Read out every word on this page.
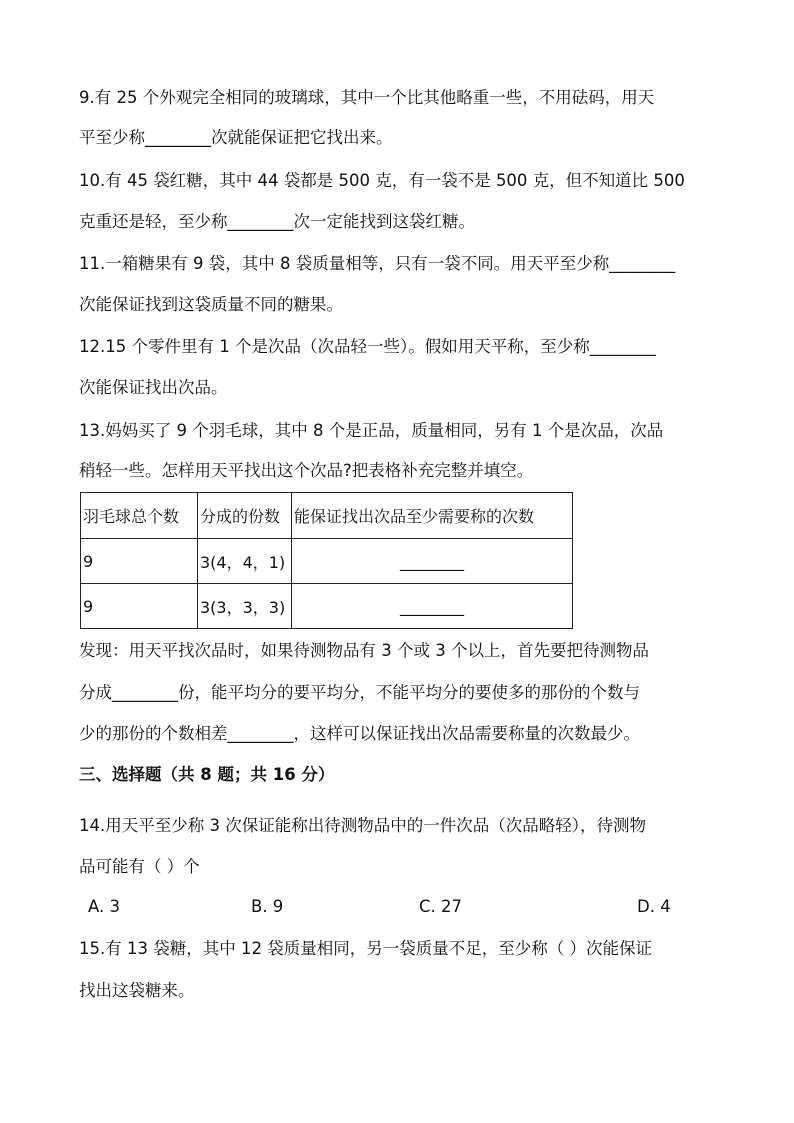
9.有 25 个外观完全相同的玻璃球，其中一个比其他略重一些，不用砝码，用天
平至少称________次就能保证把它找出来。
10.有 45 袋红糖，其中 44 袋都是 500 克，有一袋不是 500 克，但不知道比 500
克重还是轻，至少称________次一定能找到这袋红糖。
11.一箱糖果有 9 袋，其中 8 袋质量相等，只有一袋不同。用天平至少称________
次能保证找到这袋质量不同的糖果。
12.15 个零件里有 1 个是次品（次品轻一些）。假如用天平称，至少称________
次能保证找出次品。
13.妈妈买了 9 个羽毛球，其中 8 个是正品，质量相同，另有 1 个是次品，次品
稍轻一些。怎样用天平找出这个次品?把表格补充完整并填空。
羽毛球总个数	分成的份数	能保证找出次品至少需要称的次数
9	3(4，4，1)	________
9	3(3，3，3)	________
发现：用天平找次品时，如果待测物品有 3 个或 3 个以上，首先要把待测物品
分成________份，能平均分的要平均分，不能平均分的要使多的那份的个数与
少的那份的个数相差________，这样可以保证找出次品需要称量的次数最少。
三、选择题（共 8 题；共 16 分）
14.用天平至少称 3 次保证能称出待测物品中的一件次品（次品略轻），待测物
品可能有（ ）个
A. 3	B. 9	C. 27	D. 4
15.有 13 袋糖，其中 12 袋质量相同，另一袋质量不足，至少称（ ）次能保证
找出这袋糖来。
